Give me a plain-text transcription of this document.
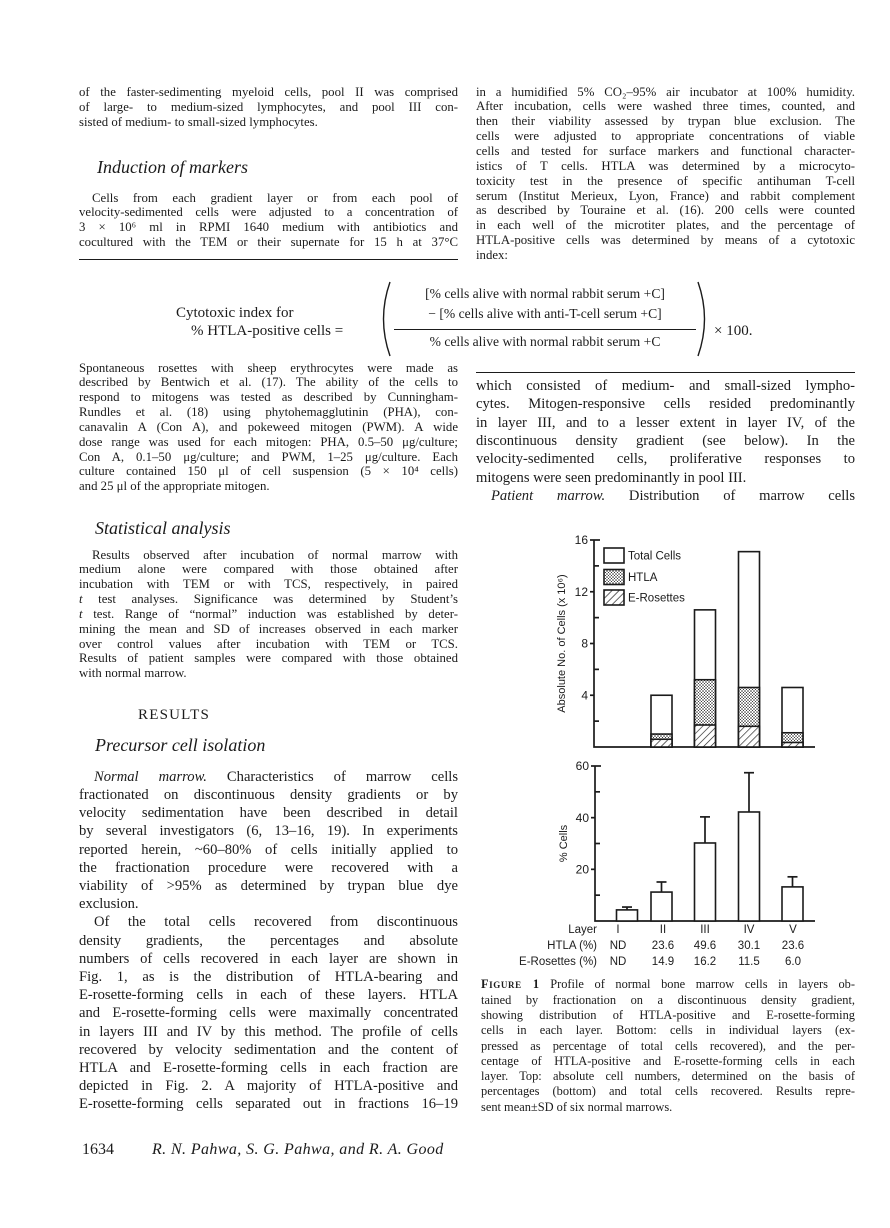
of the faster-sedimenting myeloid cells, pool II was comprised
of large- to medium-sized lymphocytes, and pool III con-
sisted of medium- to small-sized lymphocytes.
Induction of markers
Cells from each gradient layer or from each pool of
velocity-sedimented cells were adjusted to a concentration of
3 × 10⁶ ml in RPMI 1640 medium with antibiotics and
cocultured with the TEM or their supernate for 15 h at 37°C
in a humidified 5% CO₂–95% air incubator at 100% humidity.
After incubation, cells were washed three times, counted, and
then their viability assessed by trypan blue exclusion. The
cells were adjusted to appropriate concentrations of viable
cells and tested for surface markers and functional character-
istics of T cells. HTLA was determined by a microcyto-
toxicity test in the presence of specific antihuman T-cell
serum (Institut Merieux, Lyon, France) and rabbit complement
as described by Touraine et al. (16). 200 cells were counted
in each well of the microtiter plates, and the percentage of
HTLA-positive cells was determined by means of a cytotoxic
index:
Cytotoxic index for
% HTLA-positive cells =
[% cells alive with normal rabbit serum +C]
− [% cells alive with anti-T-cell serum +C]
% cells alive with normal rabbit serum +C
× 100.
Spontaneous rosettes with sheep erythrocytes were made as
described by Bentwich et al. (17). The ability of the cells to
respond to mitogens was tested as described by Cunningham-
Rundles et al. (18) using phytohemagglutinin (PHA), con-
canavalin A (Con A), and pokeweed mitogen (PWM). A wide
dose range was used for each mitogen: PHA, 0.5–50 μg/culture;
Con A, 0.1–50 μg/culture; and PWM, 1–25 μg/culture. Each
culture contained 150 μl of cell suspension (5 × 10⁴ cells)
and 25 μl of the appropriate mitogen.
Statistical analysis
Results observed after incubation of normal marrow with
medium alone were compared with those obtained after
incubation with TEM or with TCS, respectively, in paired
t test analyses. Significance was determined by Student’s
t test. Range of “normal” induction was established by deter-
mining the mean and SD of increases observed in each marker
over control values after incubation with TEM or TCS.
Results of patient samples were compared with those obtained
with normal marrow.
RESULTS
Precursor cell isolation
Normal marrow. Characteristics of marrow cells
fractionated on discontinuous density gradients or by
velocity sedimentation have been described in detail
by several investigators (6, 13–16, 19). In experiments
reported herein, ~60–80% of cells initially applied to
the fractionation procedure were recovered with a
viability of >95% as determined by trypan blue dye
exclusion.
Of the total cells recovered from discontinuous
density gradients, the percentages and absolute
numbers of cells recovered in each layer are shown in
Fig. 1, as is the distribution of HTLA-bearing and
E-rosette-forming cells in each of these layers. HTLA
and E-rosette-forming cells were maximally concentrated
in layers III and IV by this method. The profile of cells
recovered by velocity sedimentation and the content of
HTLA and E-rosette-forming cells in each fraction are
depicted in Fig. 2. A majority of HTLA-positive and
E-rosette-forming cells separated out in fractions 16–19
which consisted of medium- and small-sized lympho-
cytes. Mitogen-responsive cells resided predominantly
in layer III, and to a lesser extent in layer IV, of the
discontinuous density gradient (see below). In the
velocity-sedimented cells, proliferative responses to
mitogens were seen predominantly in pool III.
Patient marrow. Distribution of marrow cells
4
8
12
16
Absolute No. of Cells (x 10⁶)
Total Cells
HTLA
E-Rosettes
20
40
60
% Cells
Layer	I	II	III	IV	V
HTLA (%)	ND	23.6	49.6	30.1	23.6
E-Rosettes (%)	ND	14.9	16.2	11.5	6.0
Figure 1 Profile of normal bone marrow cells in layers ob-
tained by fractionation on a discontinuous density gradient,
showing distribution of HTLA-positive and E-rosette-forming
cells in each layer. Bottom: cells in individual layers (ex-
pressed as percentage of total cells recovered), and the per-
centage of HTLA-positive and E-rosette-forming cells in each
layer. Top: absolute cell numbers, determined on the basis of
percentages (bottom) and total cells recovered. Results repre-
sent mean±SD of six normal marrows.
1634 R. N. Pahwa, S. G. Pahwa, and R. A. Good
